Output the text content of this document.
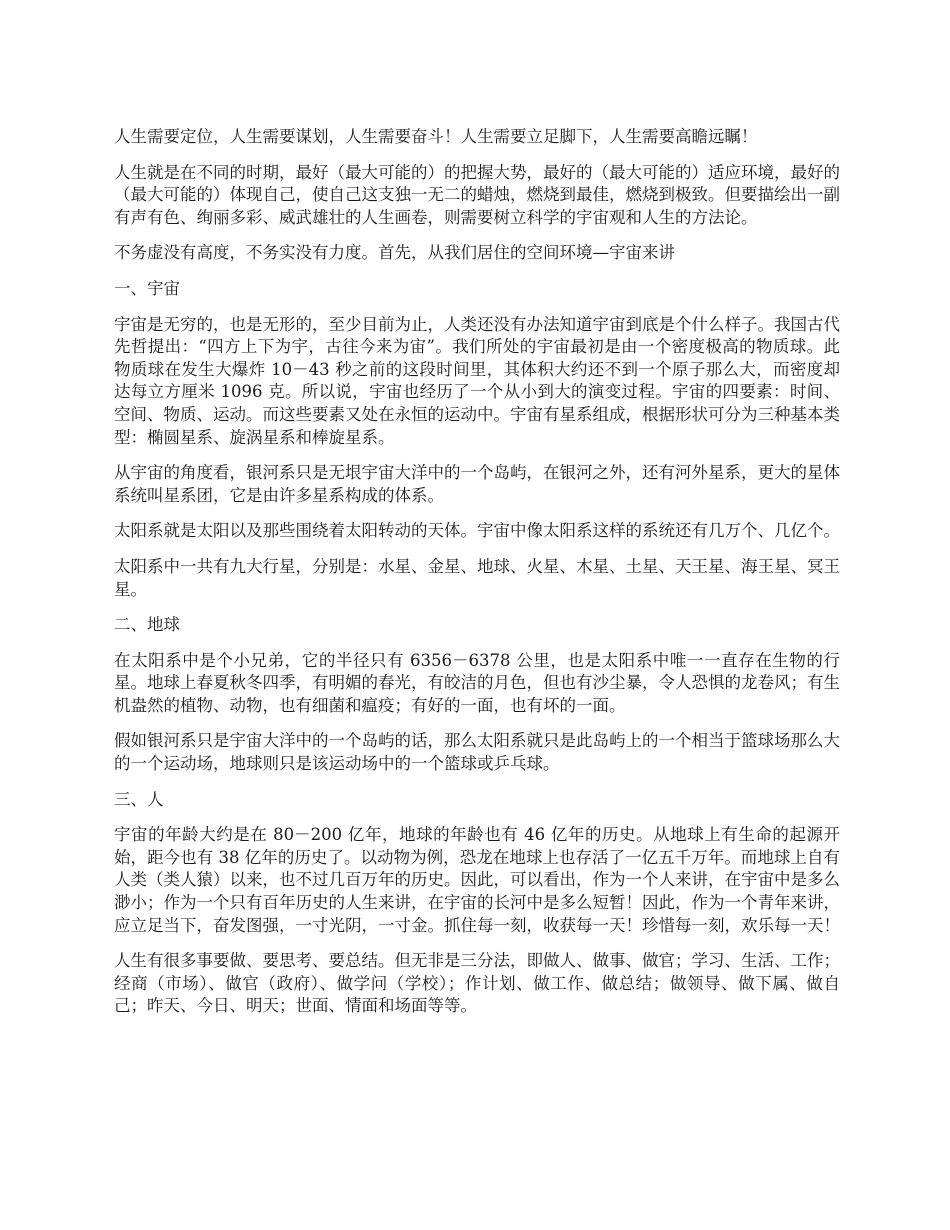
人生需要定位，人生需要谋划，人生需要奋斗！人生需要立足脚下，人生需要高瞻远瞩！

人生就是在不同的时期，最好（最大可能的）的把握大势，最好的（最大可能的）适应环境，最好的（最大可能的）体现自己，使自己这支独一无二的蜡烛，燃烧到最佳，燃烧到极致。但要描绘出一副有声有色、绚丽多彩、威武雄壮的人生画卷，则需要树立科学的宇宙观和人生的方法论。

不务虚没有高度，不务实没有力度。首先，从我们居住的空间环境—宇宙来讲

一、宇宙

宇宙是无穷的，也是无形的，至少目前为止，人类还没有办法知道宇宙到底是个什么样子。我国古代先哲提出：“四方上下为宇，古往今来为宙”。我们所处的宇宙最初是由一个密度极高的物质球。此物质球在发生大爆炸 10－43 秒之前的这段时间里，其体积大约还不到一个原子那么大，而密度却达每立方厘米 1096 克。所以说，宇宙也经历了一个从小到大的演变过程。宇宙的四要素：时间、空间、物质、运动。而这些要素又处在永恒的运动中。宇宙有星系组成，根据形状可分为三种基本类型：椭圆星系、旋涡星系和棒旋星系。

从宇宙的角度看，银河系只是无垠宇宙大洋中的一个岛屿，在银河之外，还有河外星系，更大的星体系统叫星系团，它是由许多星系构成的体系。

太阳系就是太阳以及那些围绕着太阳转动的天体。宇宙中像太阳系这样的系统还有几万个、几亿个。

太阳系中一共有九大行星，分别是：水星、金星、地球、火星、木星、土星、天王星、海王星、冥王星。

二、地球

在太阳系中是个小兄弟，它的半径只有 6356－6378 公里，也是太阳系中唯一一直存在生物的行星。地球上春夏秋冬四季，有明媚的春光，有皎洁的月色，但也有沙尘暴，令人恐惧的龙卷风；有生机盎然的植物、动物，也有细菌和瘟疫；有好的一面，也有坏的一面。

假如银河系只是宇宙大洋中的一个岛屿的话，那么太阳系就只是此岛屿上的一个相当于篮球场那么大的一个运动场，地球则只是该运动场中的一个篮球或乒乓球。

三、人

宇宙的年龄大约是在 80－200 亿年，地球的年龄也有 46 亿年的历史。从地球上有生命的起源开始，距今也有 38 亿年的历史了。以动物为例，恐龙在地球上也存活了一亿五千万年。而地球上自有人类（类人猿）以来，也不过几百万年的历史。因此，可以看出，作为一个人来讲，在宇宙中是多么渺小；作为一个只有百年历史的人生来讲，在宇宙的长河中是多么短暂！因此，作为一个青年来讲，应立足当下，奋发图强，一寸光阴，一寸金。抓住每一刻，收获每一天！珍惜每一刻，欢乐每一天！

人生有很多事要做、要思考、要总结。但无非是三分法，即做人、做事、做官；学习、生活、工作；经商（市场）、做官（政府）、做学问（学校）；作计划、做工作、做总结；做领导、做下属、做自己；昨天、今日、明天；世面、情面和场面等等。
